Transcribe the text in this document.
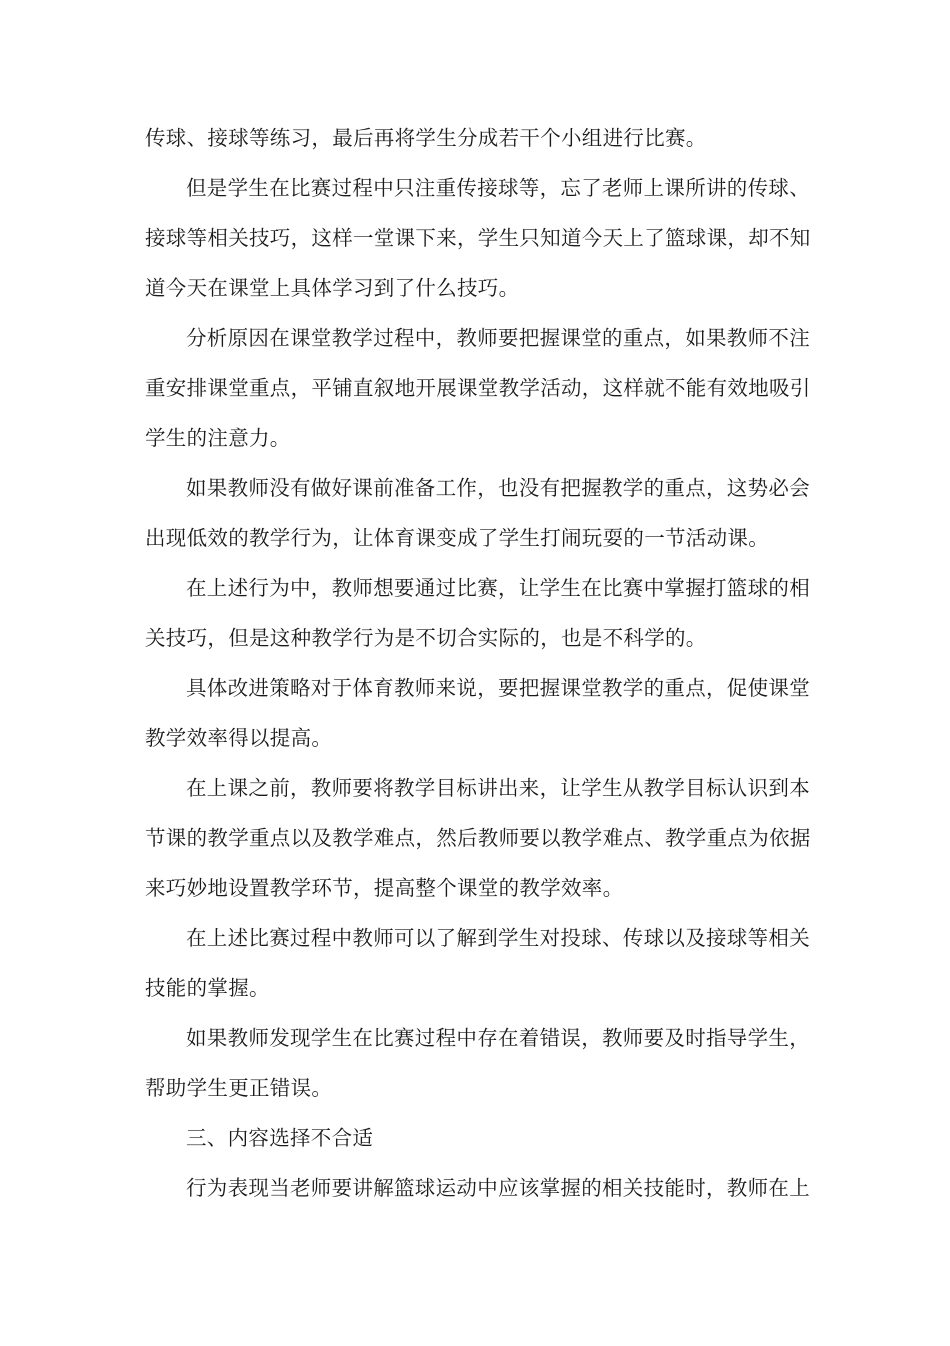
传球、接球等练习，最后再将学生分成若干个小组进行比赛。
但是学生在比赛过程中只注重传接球等，忘了老师上课所讲的传球、
接球等相关技巧，这样一堂课下来，学生只知道今天上了篮球课，却不知
道今天在课堂上具体学习到了什么技巧。
分析原因在课堂教学过程中，教师要把握课堂的重点，如果教师不注
重安排课堂重点，平铺直叙地开展课堂教学活动，这样就不能有效地吸引
学生的注意力。
如果教师没有做好课前准备工作，也没有把握教学的重点，这势必会
出现低效的教学行为，让体育课变成了学生打闹玩耍的一节活动课。
在上述行为中，教师想要通过比赛，让学生在比赛中掌握打篮球的相
关技巧，但是这种教学行为是不切合实际的，也是不科学的。
具体改进策略对于体育教师来说，要把握课堂教学的重点，促使课堂
教学效率得以提高。
在上课之前，教师要将教学目标讲出来，让学生从教学目标认识到本
节课的教学重点以及教学难点，然后教师要以教学难点、教学重点为依据
来巧妙地设置教学环节，提高整个课堂的教学效率。
在上述比赛过程中教师可以了解到学生对投球、传球以及接球等相关
技能的掌握。
如果教师发现学生在比赛过程中存在着错误，教师要及时指导学生，
帮助学生更正错误。
三、内容选择不合适
行为表现当老师要讲解篮球运动中应该掌握的相关技能时，教师在上
